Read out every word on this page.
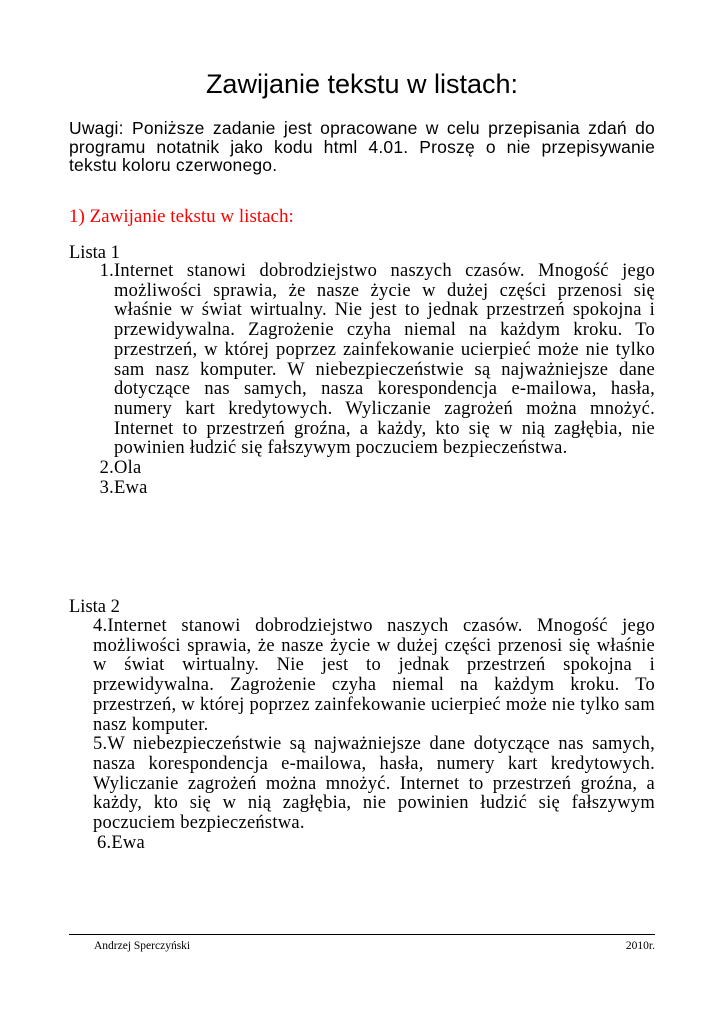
Zawijanie tekstu w listach:

Uwagi: Poniższe zadanie jest opracowane w celu przepisania zdań do programu notatnik jako kodu html 4.01. Proszę o nie przepisywanie tekstu koloru czerwonego.

1) Zawijanie tekstu w listach:

Lista 1

1. Internet stanowi dobrodziejstwo naszych czasów. Mnogość jego możliwości sprawia, że nasze życie w dużej części przenosi się właśnie w świat wirtualny. Nie jest to jednak przestrzeń spokojna i przewidywalna. Zagrożenie czyha niemal na każdym kroku. To przestrzeń, w której poprzez zainfekowanie ucierpieć może nie tylko sam nasz komputer. W niebezpieczeństwie są najważniejsze dane dotyczące nas samych, nasza korespondencja e-mailowa, hasła, numery kart kredytowych. Wyliczanie zagrożeń można mnożyć. Internet to przestrzeń groźna, a każdy, kto się w nią zagłębia, nie powinien łudzić się fałszywym poczuciem bezpieczeństwa.
2. Ola
3. Ewa

Lista 2

4.Internet stanowi dobrodziejstwo naszych czasów. Mnogość jego możliwości sprawia, że nasze życie w dużej części przenosi się właśnie w świat wirtualny. Nie jest to jednak przestrzeń spokojna i przewidywalna. Zagrożenie czyha niemal na każdym kroku. To przestrzeń, w której poprzez zainfekowanie ucierpieć może nie tylko sam nasz komputer.
5.W niebezpieczeństwie są najważniejsze dane dotyczące nas samych, nasza korespondencja e-mailowa, hasła, numery kart kredytowych. Wyliczanie zagrożeń można mnożyć. Internet to przestrzeń groźna, a każdy, kto się w nią zagłębia, nie powinien łudzić się fałszywym poczuciem bezpieczeństwa.
6.Ewa
Andrzej Sperczyński	2010r.
